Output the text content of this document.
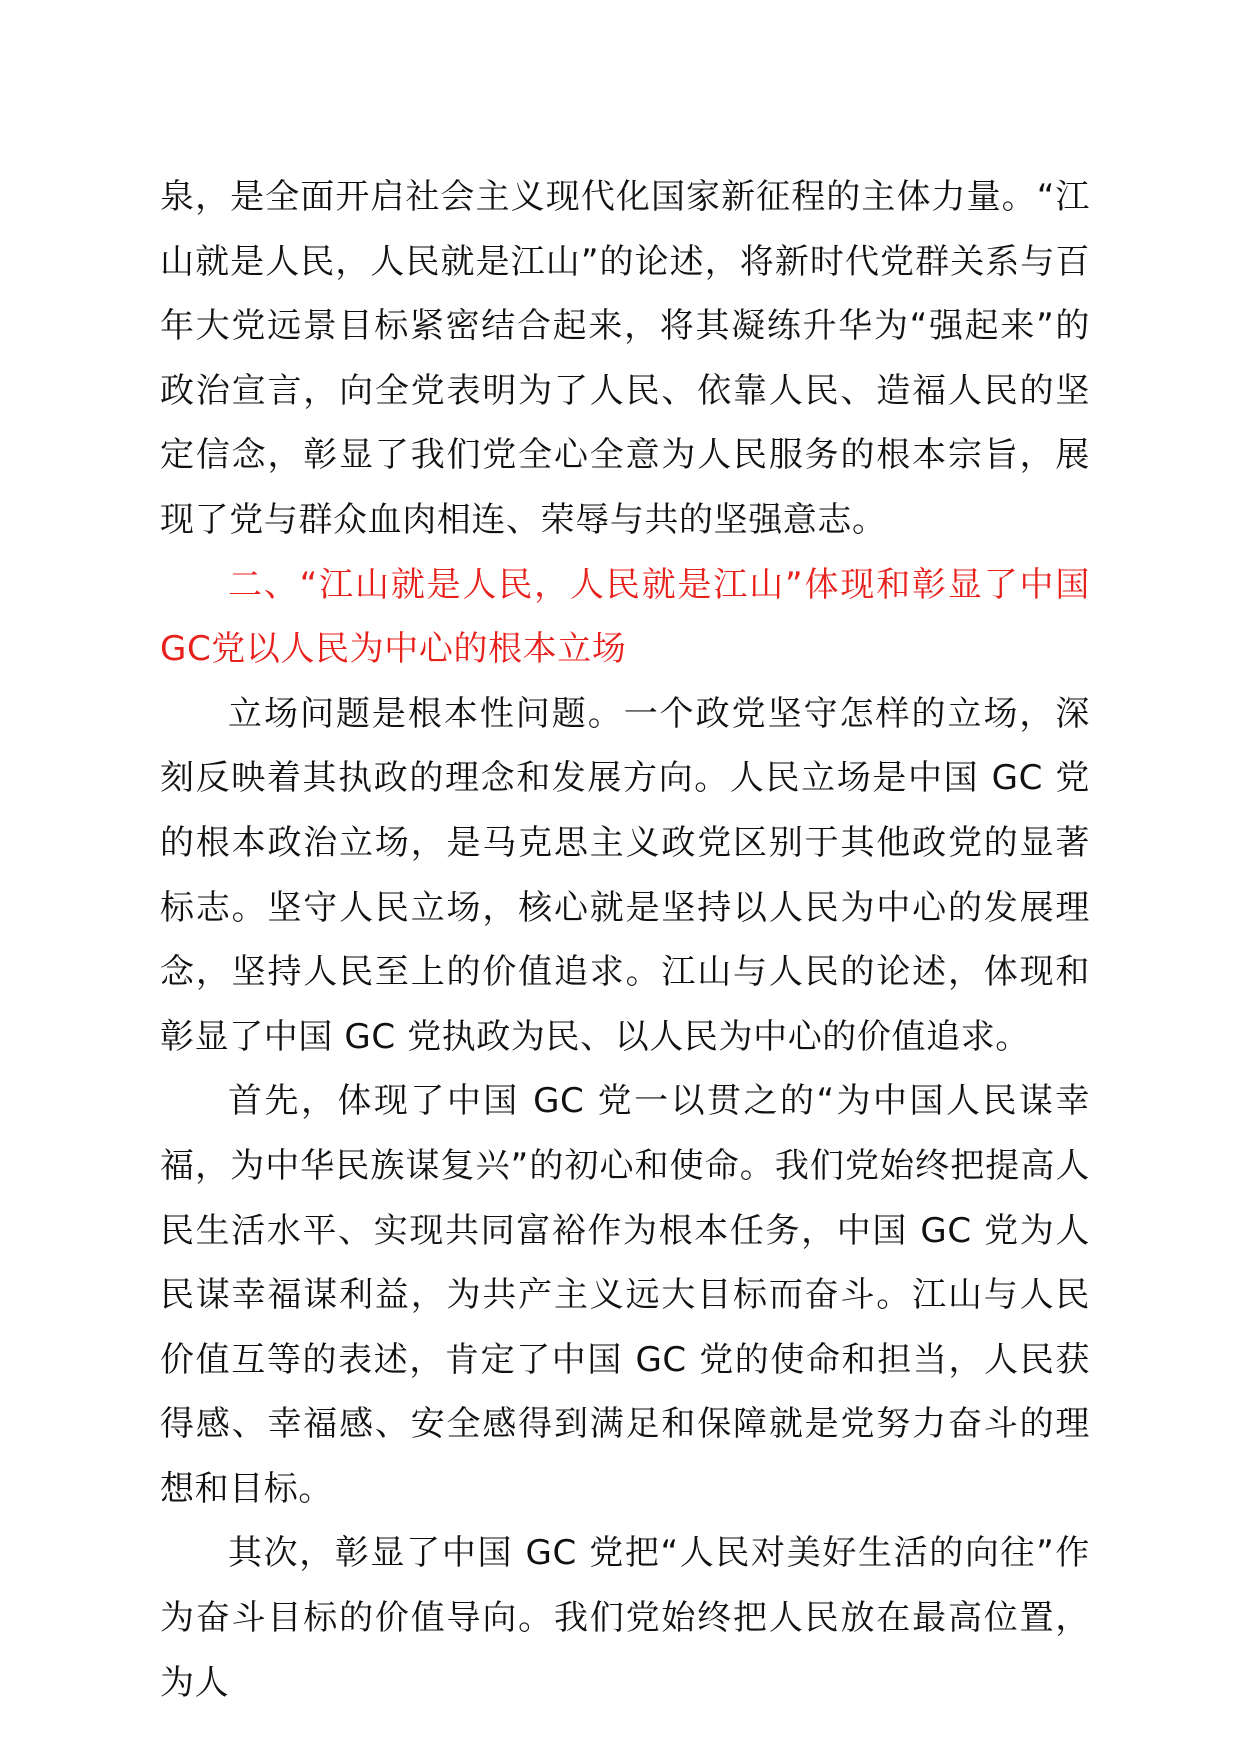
泉，是全面开启社会主义现代化国家新征程的主体力量。“江山就是人民，人民就是江山”的论述，将新时代党群关系与百年大党远景目标紧密结合起来，将其凝练升华为“强起来”的政治宣言，向全党表明为了人民、依靠人民、造福人民的坚定信念，彰显了我们党全心全意为人民服务的根本宗旨，展现了党与群众血肉相连、荣辱与共的坚强意志。

二、“江山就是人民，人民就是江山”体现和彰显了中国GC党以人民为中心的根本立场

立场问题是根本性问题。一个政党坚守怎样的立场，深刻反映着其执政的理念和发展方向。人民立场是中国 GC 党的根本政治立场，是马克思主义政党区别于其他政党的显著标志。坚守人民立场，核心就是坚持以人民为中心的发展理念，坚持人民至上的价值追求。江山与人民的论述，体现和彰显了中国 GC 党执政为民、以人民为中心的价值追求。

首先，体现了中国 GC 党一以贯之的“为中国人民谋幸福，为中华民族谋复兴”的初心和使命。我们党始终把提高人民生活水平、实现共同富裕作为根本任务，中国 GC 党为人民谋幸福谋利益，为共产主义远大目标而奋斗。江山与人民价值互等的表述，肯定了中国 GC 党的使命和担当，人民获得感、幸福感、安全感得到满足和保障就是党努力奋斗的理想和目标。

其次，彰显了中国 GC 党把“人民对美好生活的向往”作为奋斗目标的价值导向。我们党始终把人民放在最高位置，为人
